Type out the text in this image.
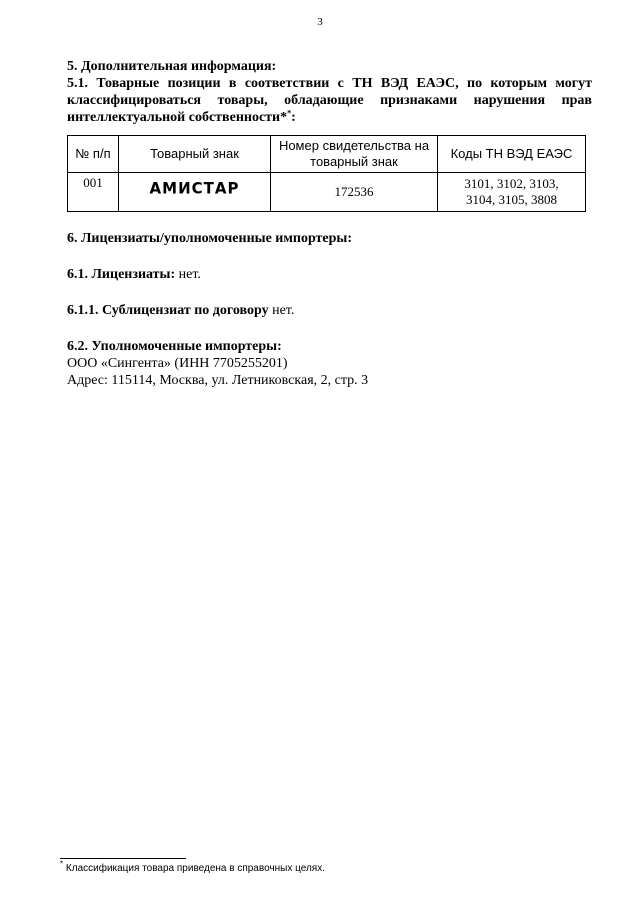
3
5. Дополнительная информация:
5.1. Товарные позиции в соответствии с ТН ВЭД ЕАЭС, по которым могут
классифицироваться товары, обладающие признаками нарушения прав
интеллектуальной собственности**:
№ п/п	Товарный знак	Номер свидетельства на товарный знак	Коды ТН ВЭД ЕАЭС
001	АМИСТАР	172536	3101, 3102, 3103,
3104, 3105, 3808
6. Лицензиаты/уполномоченные импортеры:
6.1. Лицензиаты: нет.
6.1.1. Сублицензиат по договору нет.
6.2. Уполномоченные импортеры:
ООО «Сингента» (ИНН 7705255201)
Адрес: 115114, Москва, ул. Летниковская, 2, стр. 3
* Классификация товара приведена в справочных целях.
